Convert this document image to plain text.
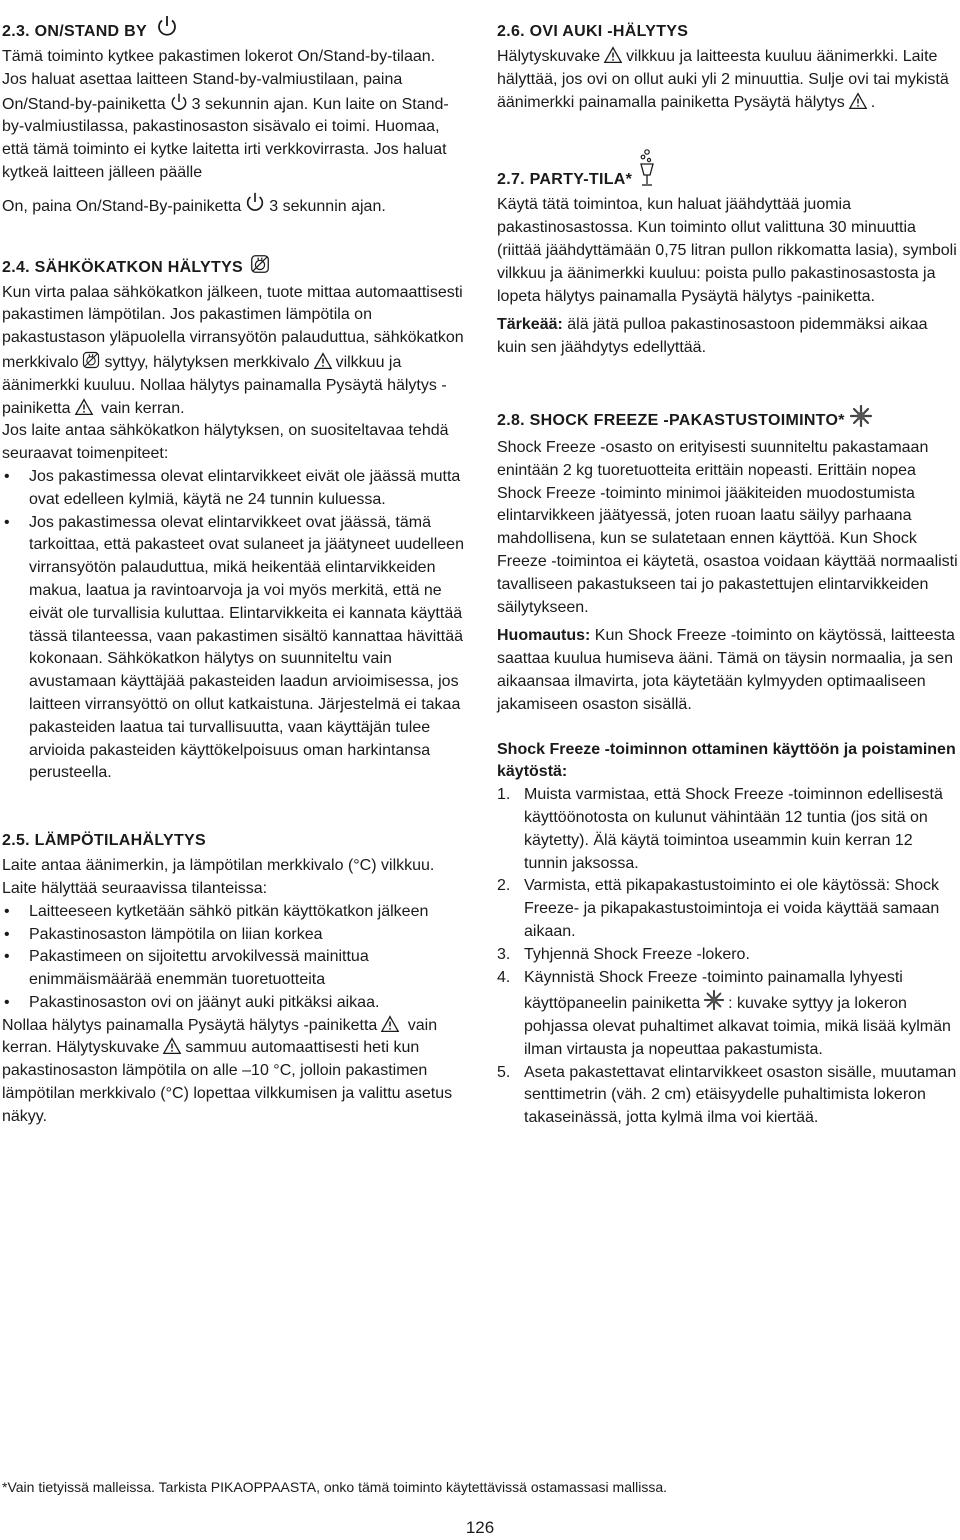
2.3. ON/STAND BY

Tämä toiminto kytkee pakastimen lokerot On/Stand-by-tilaan. Jos haluat asettaa laitteen Stand-by-valmiustilaan, paina On/Stand-by-painiketta 3 sekunnin ajan. Kun laite on Stand-by-valmiustilassa, pakastinosaston sisävalo ei toimi. Huomaa, että tämä toiminto ei kytke laitetta irti verkkovirrasta. Jos haluat kytkeä laitteen jälleen päälle

On, paina On/Stand-By-painiketta 3 sekunnin ajan.

2.4. SÄHKÖKATKON HÄLYTYS

Kun virta palaa sähkökatkon jälkeen, tuote mittaa automaattisesti pakastimen lämpötilan. Jos pakastimen lämpötila on pakastustason yläpuolella virransyötön palauduttua, sähkökatkon merkkivalo syttyy, hälytyksen merkkivalo vilkkuu ja äänimerkki kuuluu. Nollaa hälytys painamalla Pysäytä hälytys -painiketta vain kerran.

Jos laite antaa sähkökatkon hälytyksen, on suositeltavaa tehdä seuraavat toimenpiteet:

• Jos pakastimessa olevat elintarvikkeet eivät ole jäässä mutta ovat edelleen kylmiä, käytä ne 24 tunnin kuluessa.
• Jos pakastimessa olevat elintarvikkeet ovat jäässä, tämä tarkoittaa, että pakasteet ovat sulaneet ja jäätyneet uudelleen virransyötön palauduttua, mikä heikentää elintarvikkeiden makua, laatua ja ravintoarvoja ja voi myös merkitä, että ne eivät ole turvallisia kuluttaa. Elintarvikkeita ei kannata käyttää tässä tilanteessa, vaan pakastimen sisältö kannattaa hävittää kokonaan. Sähkökatkon hälytys on suunniteltu vain avustamaan käyttäjää pakasteiden laadun arvioimisessa, jos laitteen virransyöttö on ollut katkaistuna. Järjestelmä ei takaa pakasteiden laatua tai turvallisuutta, vaan käyttäjän tulee arvioida pakasteiden käyttökelpoisuus oman harkintansa perusteella.
2.5. LÄMPÖTILAHÄLYTYS

Laite antaa äänimerkin, ja lämpötilan merkkivalo (°C) vilkkuu. Laite hälyttää seuraavissa tilanteissa:

• Laitteeseen kytketään sähkö pitkän käyttökatkon jälkeen
• Pakastinosaston lämpötila on liian korkea
• Pakastimeen on sijoitettu arvokilvessä mainittua enimmäismäärää enemmän tuoretuotteita
• Pakastinosaston ovi on jäänyt auki pitkäksi aikaa.

Nollaa hälytys painamalla Pysäytä hälytys -painiketta vain kerran. Hälytyskuvake sammuu automaattisesti heti kun pakastinosaston lämpötila on alle –10 °C, jolloin pakastimen lämpötilan merkkivalo (°C) lopettaa vilkkumisen ja valittu asetus näkyy.

2.6. OVI AUKI -HÄLYTYS

Hälytyskuvake vilkkuu ja laitteesta kuuluu äänimerkki. Laite hälyttää, jos ovi on ollut auki yli 2 minuuttia. Sulje ovi tai mykistä äänimerkki painamalla painiketta Pysäytä hälytys .

2.7. PARTY-TILA*

Käytä tätä toimintoa, kun haluat jäähdyttää juomia pakastinosastossa. Kun toiminto ollut valittuna 30 minuuttia (riittää jäähdyttämään 0,75 litran pullon rikkomatta lasia), symboli vilkkuu ja äänimerkki kuuluu: poista pullo pakastinosastosta ja lopeta hälytys painamalla Pysäytä hälytys -painiketta.

Tärkeää: älä jätä pulloa pakastinosastoon pidemmäksi aikaa kuin sen jäähdytys edellyttää.

2.8. SHOCK FREEZE -PAKASTUSTOIMINTO*

Shock Freeze -osasto on erityisesti suunniteltu pakastamaan enintään 2 kg tuoretuotteita erittäin nopeasti. Erittäin nopea Shock Freeze -toiminto minimoi jääkiteiden muodostumista elintarvikkeen jäätyessä, joten ruoan laatu säilyy parhaana mahdollisena, kun se sulatetaan ennen käyttöä. Kun Shock Freeze -toimintoa ei käytetä, osastoa voidaan käyttää normaalisti tavalliseen pakastukseen tai jo pakastettujen elintarvikkeiden säilytykseen.

Huomautus: Kun Shock Freeze -toiminto on käytössä, laitteesta saattaa kuulua humiseva ääni. Tämä on täysin normaalia, ja sen aikaansaa ilmavirta, jota käytetään kylmyyden optimaaliseen jakamiseen osaston sisällä.

Shock Freeze -toiminnon ottaminen käyttöön ja poistaminen käytöstä:

1. Muista varmistaa, että Shock Freeze -toiminnon edellisestä käyttöönotosta on kulunut vähintään 12 tuntia (jos sitä on käytetty). Älä käytä toimintoa useammin kuin kerran 12 tunnin jaksossa.
2. Varmista, että pikapakastustoiminto ei ole käytössä: Shock Freeze- ja pikapakastustoimintoja ei voida käyttää samaan aikaan.
3. Tyhjennä Shock Freeze -lokero.
4. Käynnistä Shock Freeze -toiminto painamalla lyhyesti käyttöpaneelin painiketta : kuvake syttyy ja lokeron pohjassa olevat puhaltimet alkavat toimia, mikä lisää kylmän ilman virtausta ja nopeuttaa pakastumista.
5. Aseta pakastettavat elintarvikkeet osaston sisälle, muutaman senttimetrin (väh. 2 cm) etäisyydelle puhaltimista lokeron takaseinässä, jotta kylmä ilma voi kiertää.
*Vain tietyissä malleissa. Tarkista PIKAOPPAASTA, onko tämä toiminto käytettävissä ostamassasi mallissa.
126
